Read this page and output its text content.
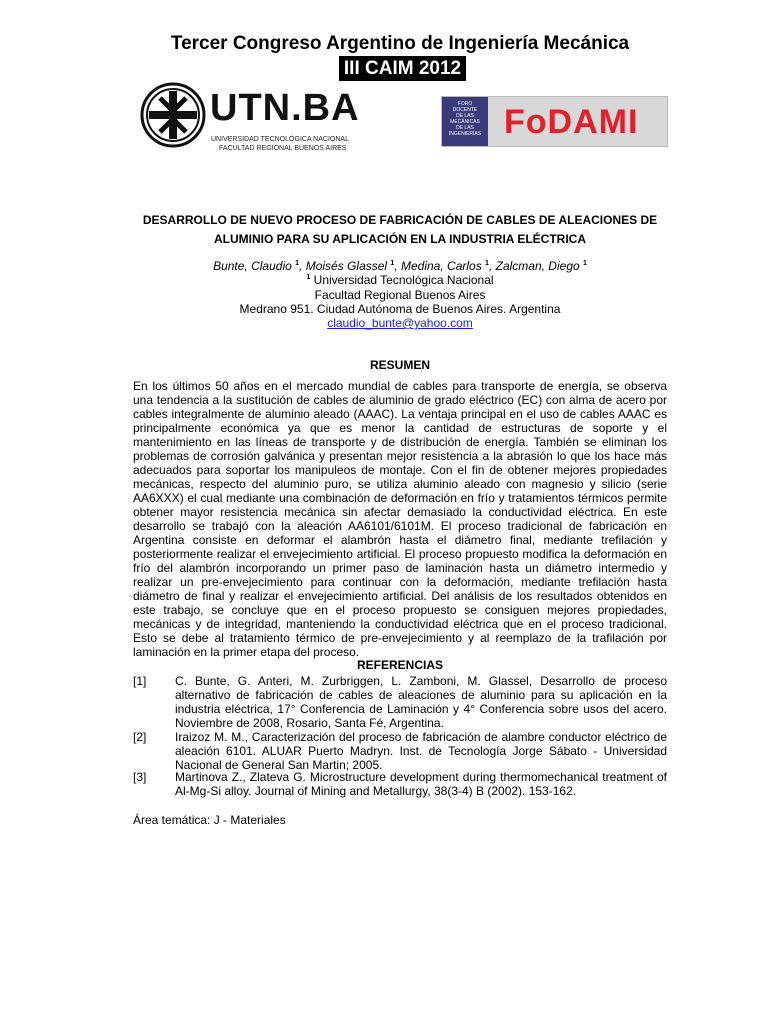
Tercer Congreso Argentino de Ingeniería Mecánica
III CAIM 2012
UTN.BA
UNIVERSIDAD TECNOLÓGICA NACIONAL
FACULTAD REGIONAL BUENOS AIRES
FORO
DOCENTE
DE LAS
MECÁNICAS
DE LAS
INGENIERÍAS FoDAMI
DESARROLLO DE NUEVO PROCESO DE FABRICACIÓN DE CABLES DE ALEACIONES DE ALUMINIO PARA SU APLICACIÓN EN LA INDUSTRIA ELÉCTRICA
Bunte, Claudio $^1$, Moisés Glassel $^1$, Medina, Carlos $^1$, Zalcman, Diego $^1$
$^1$ Universidad Tecnológica Nacional
Facultad Regional Buenos Aires
Medrano 951. Ciudad Autónoma de Buenos Aires. Argentina
claudio_bunte@yahoo.com
RESUMEN

En los últimos 50 años en el mercado mundial de cables para transporte de energía, se observa una tendencia a la sustitución de cables de aluminio de grado eléctrico (EC) con alma de acero por cables integralmente de aluminio aleado (AAAC). La ventaja principal en el uso de cables AAAC es principalmente económica ya que es menor la cantidad de estructuras de soporte y el mantenimiento en las líneas de transporte y de distribución de energía. También se eliminan los problemas de corrosión galvánica y presentan mejor resistencia a la abrasión lo que los hace más adecuados para soportar los manipuleos de montaje. Con el fin de obtener mejores propiedades mecánicas, respecto del aluminio puro, se utiliza aluminio aleado con magnesio y silicio (serie AA6XXX) el cual mediante una combinación de deformación en frío y tratamientos térmicos permite obtener mayor resistencia mecánica sin afectar demasiado la conductividad eléctrica. En este desarrollo se trabajó con la aleación AA6101/6101M. El proceso tradicional de fabricación en Argentina consiste en deformar el alambrón hasta el diámetro final, mediante trefilación y posteriormente realizar el envejecimiento artificial. El proceso propuesto modifica la deformación en frío del alambrón incorporando un primer paso de laminación hasta un diámetro intermedio y realizar un pre-envejecimiento para continuar con la deformación, mediante trefilación hasta diámetro de final y realizar el envejecimiento artificial. Del análisis de los resultados obtenidos en este trabajo, se concluye que en el proceso propuesto se consiguen mejores propiedades, mecánicas y de integridad, manteniendo la conductividad eléctrica que en el proceso tradicional. Esto se debe al tratamiento térmico de pre-envejecimiento y al reemplazo de la trafilación por laminación en la primer etapa del proceso.

REFERENCIAS
[1] C. Bunte, G. Anteri, M. Zurbriggen, L. Zamboni, M. Glassel, Desarrollo de proceso alternativo de fabricación de cables de aleaciones de aluminio para su aplicación en la industria eléctrica, 17° Conferencia de Laminación y 4° Conferencia sobre usos del acero. Noviembre de 2008, Rosario, Santa Fé, Argentina.
[2] Iraizoz M. M., Caracterización del proceso de fabricación de alambre conductor eléctrico de aleación 6101. ALUAR Puerto Madryn. Inst. de Tecnología Jorge Sábato - Universidad Nacional de General San Martin; 2005.
[3] Martinova Z., Zlateva G. Microstructure development during thermomechanical treatment of Al-Mg-Si alloy. Journal of Mining and Metallurgy, 38(3-4) B (2002). 153-162.
Área temática: J - Materiales
